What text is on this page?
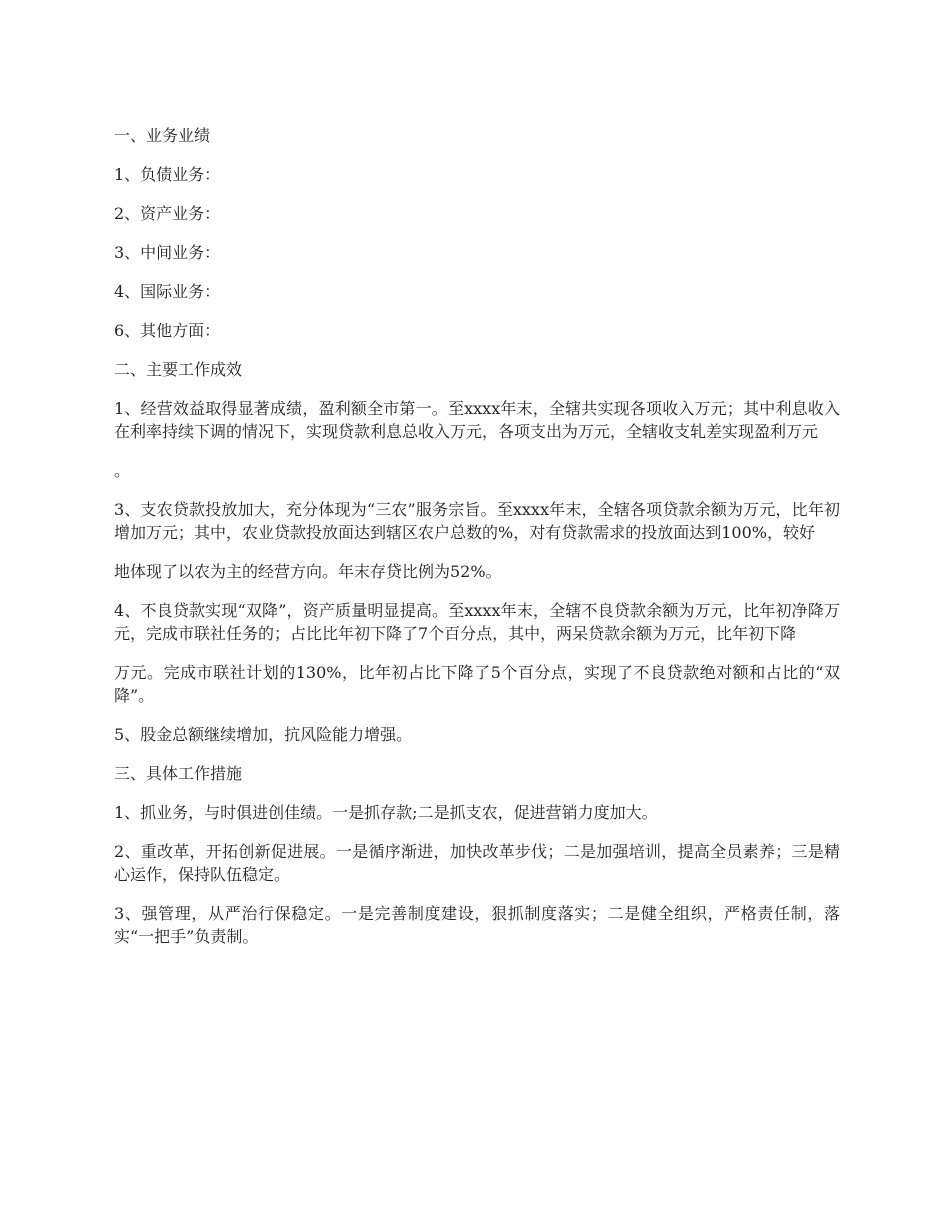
一、业务业绩

1、负债业务：

2、资产业务：

3、中间业务：

4、国际业务：

6、其他方面：

二、主要工作成效

1、经营效益取得显著成绩，盈利额全市第一。至xxxx年末，全辖共实现各项收入万元；其中利息收入在利率持续下调的情况下，实现贷款利息总收入万元，各项支出为万元，全辖收支轧差实现盈利万元

。

3、支农贷款投放加大，充分体现为“三农”服务宗旨。至xxxx年末，全辖各项贷款余额为万元，比年初增加万元；其中，农业贷款投放面达到辖区农户总数的%，对有贷款需求的投放面达到100%，较好

地体现了以农为主的经营方向。年末存贷比例为52%。

4、不良贷款实现“双降”，资产质量明显提高。至xxxx年末，全辖不良贷款余额为万元，比年初净降万元，完成市联社任务的；占比比年初下降了7个百分点，其中，两呆贷款余额为万元，比年初下降

万元。完成市联社计划的130%，比年初占比下降了5个百分点，实现了不良贷款绝对额和占比的“双降”。

5、股金总额继续增加，抗风险能力增强。

三、具体工作措施

1、抓业务，与时俱进创佳绩。一是抓存款;二是抓支农，促进营销力度加大。

2、重改革，开拓创新促进展。一是循序渐进，加快改革步伐；二是加强培训，提高全员素养；三是精心运作，保持队伍稳定。

3、强管理，从严治行保稳定。一是完善制度建设，狠抓制度落实；二是健全组织，严格责任制，落实“一把手”负责制。
